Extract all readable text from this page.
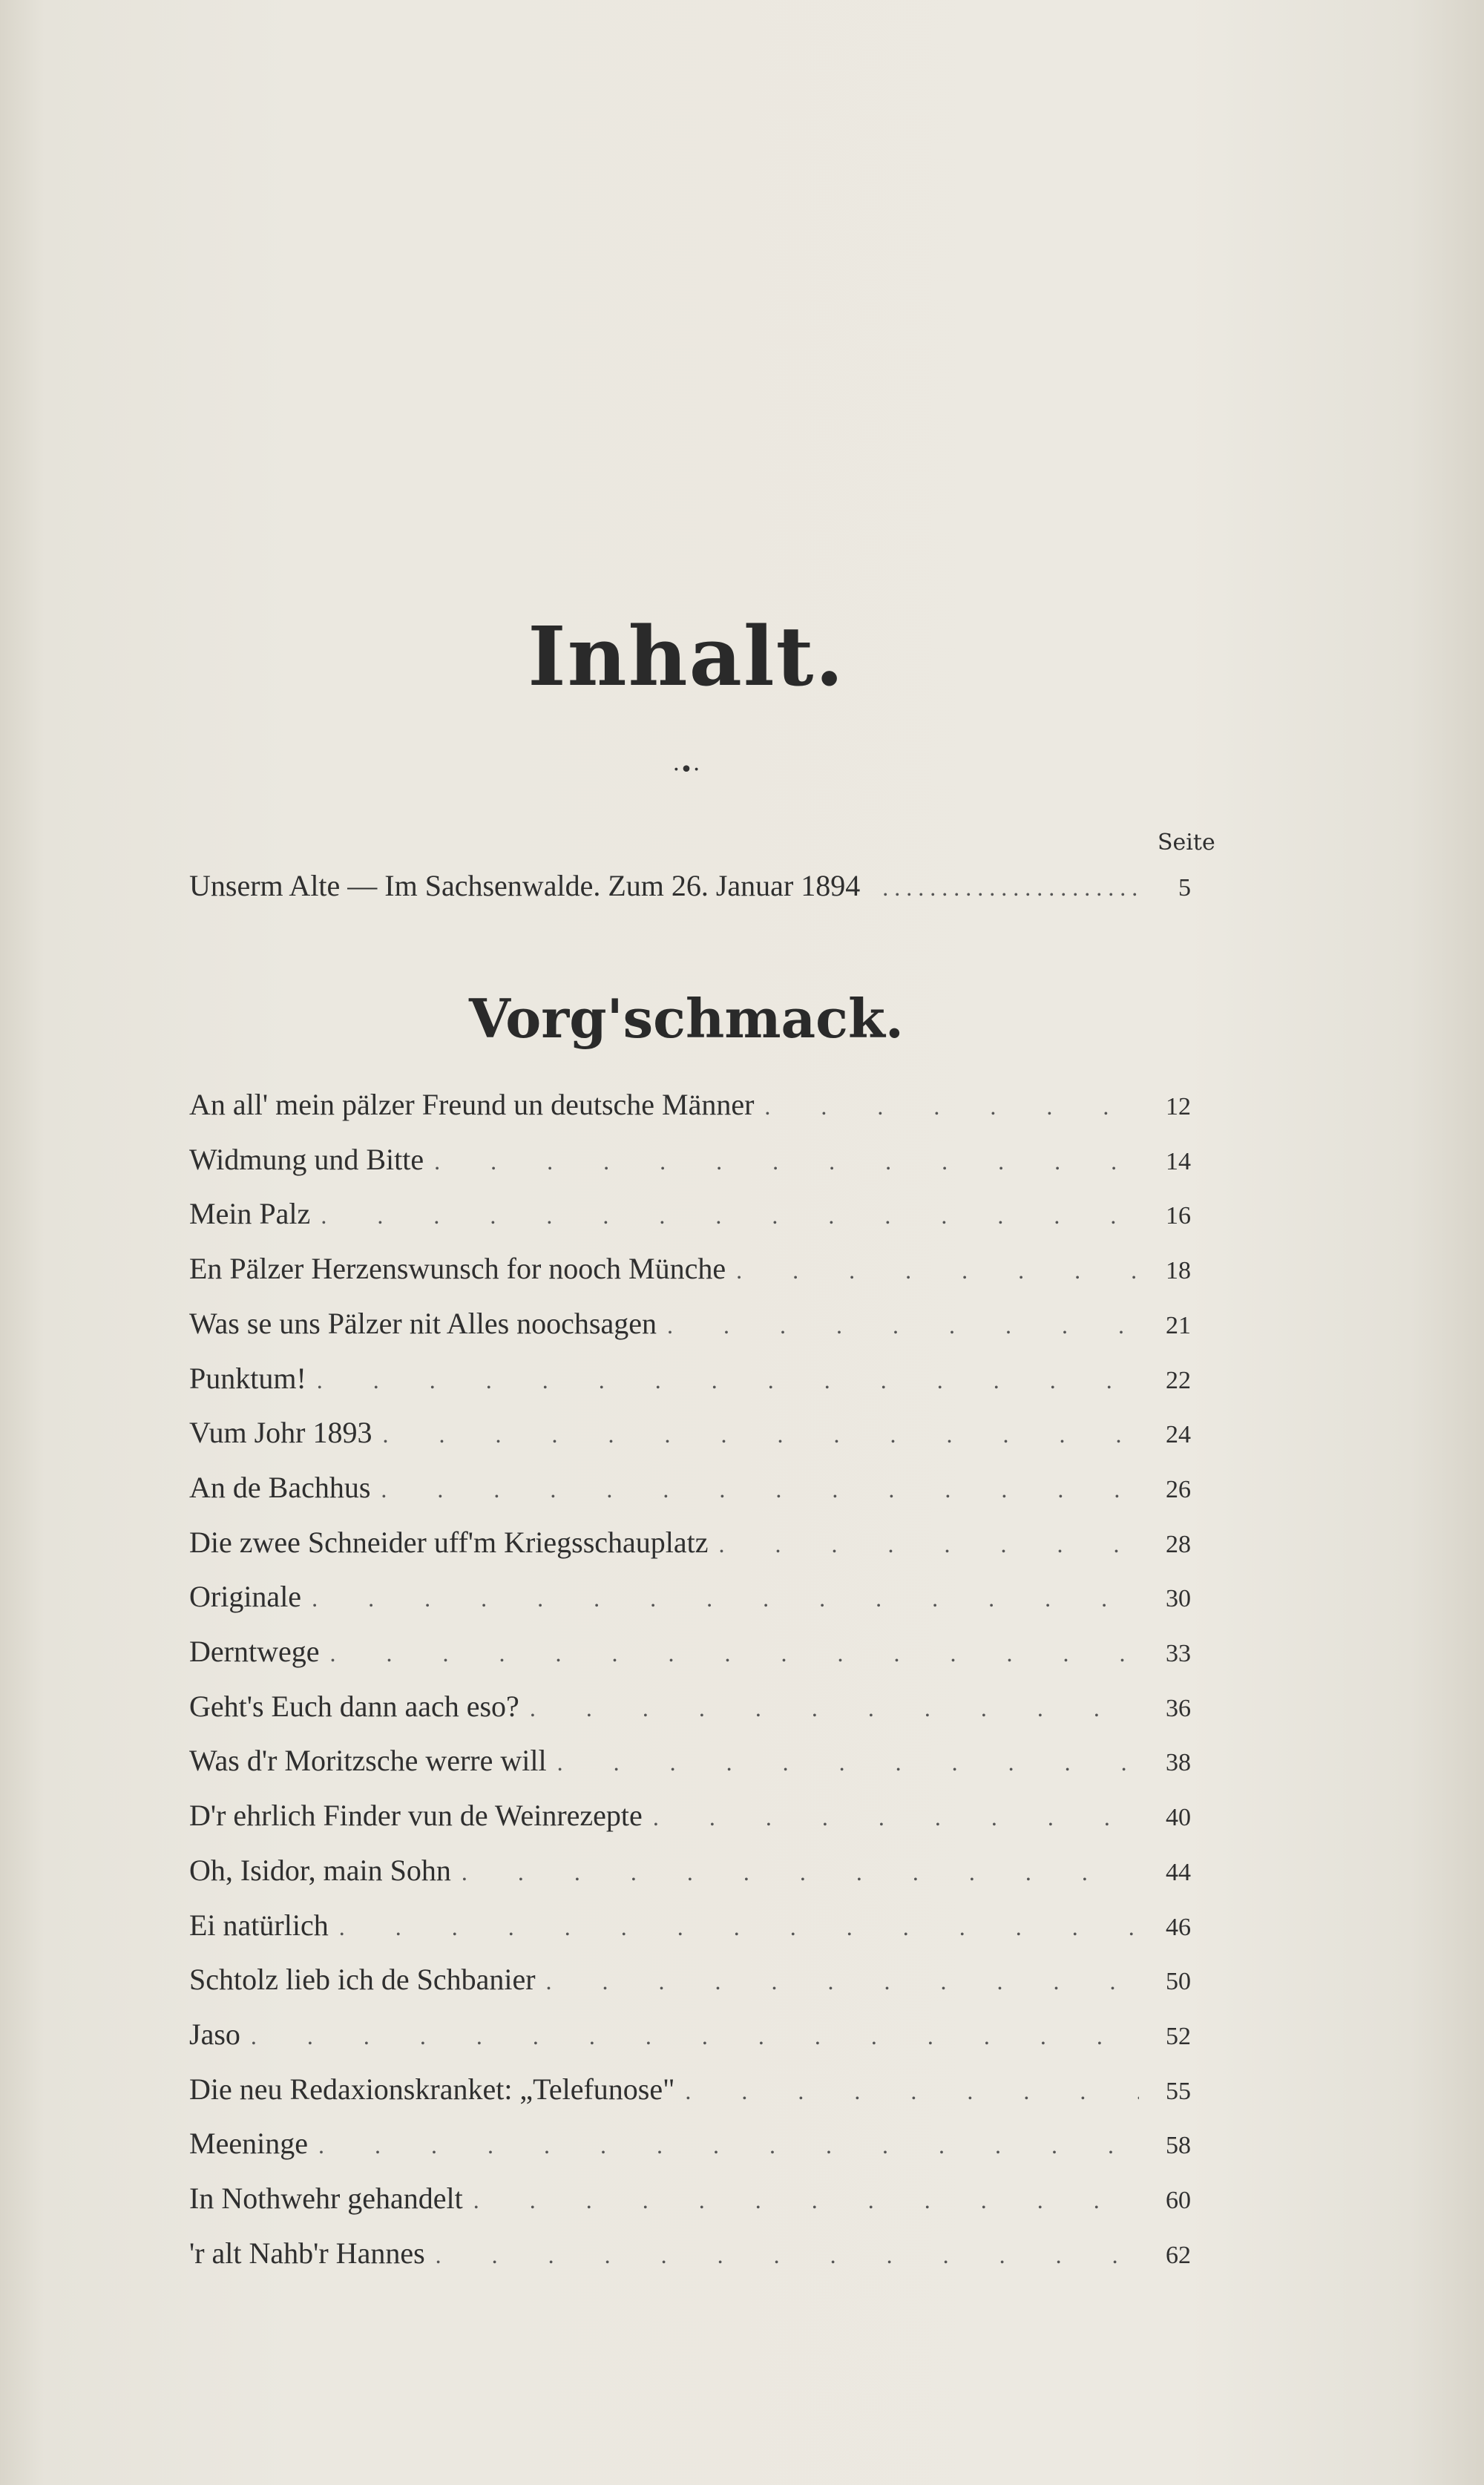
Inhalt.
·•·
Seite
Unserm Alte — Im Sachsenwalde. Zum 26. Januar 1894 . . .	5
Vorg'schmack.
An all' mein pälzer Freund un deutsche Männer . . .	12
Widmung und Bitte . . .	14
Mein Palz . . .	16
En Pälzer Herzenswunsch for nooch Münche . . .	18
Was se uns Pälzer nit Alles noochsagen . . .	21
Punktum! . . .	22
Vum Johr 1893 . . .	24
An de Bachhus . . .	26
Die zwee Schneider uff'm Kriegsschauplatz . . .	28
Originale . . .	30
Derntwege . . .	33
Geht's Euch dann aach eso? . . .	36
Was d'r Moritzsche werre will . . .	38
D'r ehrlich Finder vun de Weinrezepte . . .	40
Oh, Isidor, main Sohn . . .	44
Ei natürlich . . .	46
Schtolz lieb ich de Schbanier . . .	50
Jaso . . .	52
Die neu Redaxionskranket: „Telefunose" . . .	55
Meeninge . . .	58
In Nothwehr gehandelt . . .	60
'r alt Nahb'r Hannes . . .	62
